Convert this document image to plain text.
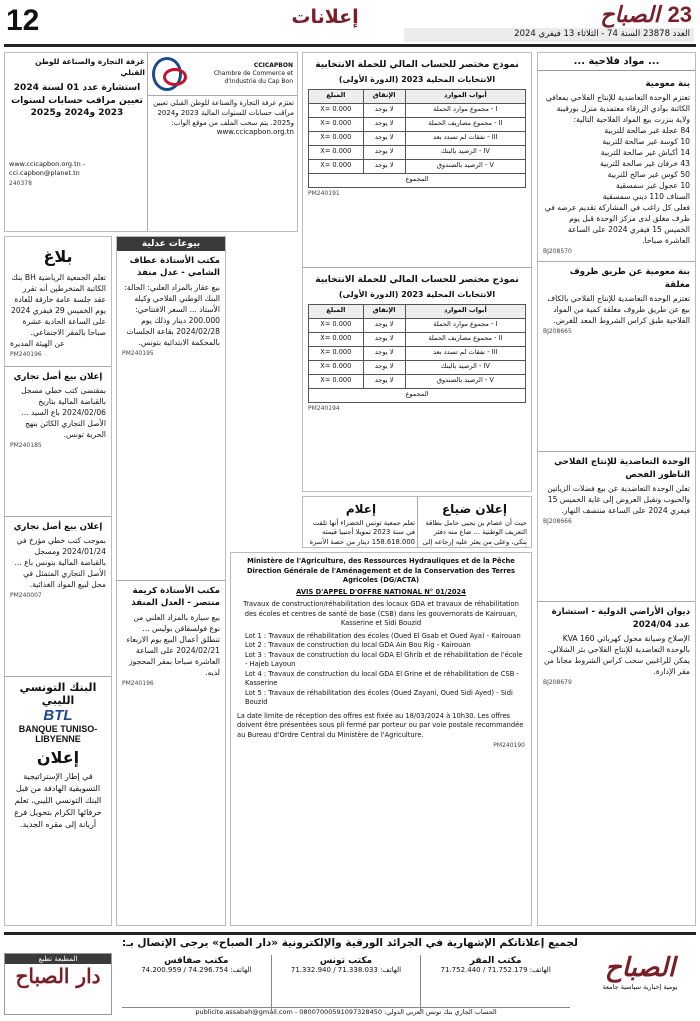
12	إعلانات	23 الصباح
العدد 23878 السنة 74 - الثلاثاء 13 فيفري 2024
... مواد فلاحية ...
بنة معومية
تعتزم الوحدة التعاضدية للإنتاج الفلاحي بمعافي الكائنة بوادي الزرقاء معتمدية منزل بورقيبة ولاية بنزرت بيع المواد الفلاحية التالية:
84 عجلة غير صالحة للتربية
10 كوسة غير صالحة للتربية
14 أكباش غير صالحة للتربية
43 خرفان غير صالحة للتربية
50 كوس غير صالح للتربية
10 عجول غير سمسقية
الستاف 110 ديني سمسقية
فعلى كل راغب في المشاركة تقديم عرضه في ظرف مغلق لدى مركز الوحدة قبل يوم الخميس 15 فيفري 2024 على الساعة العاشرة صباحا.
BJ208570
بنة معومية عن طريق ظروف مغلقة
تعتزم الوحدة التعاضدية للإنتاج الفلاحي بالكاف بيع عن طريق ظروف مغلقة كمية من المواد الفلاحية طبق كراس الشروط المعد للغرض.
BJ208665
الوحدة التعاضدية للإنتاج الفلاحي الناظور الفحص
تعلن الوحدة التعاضدية عن بيع فضلات الزياتين والحبوب وتقبل العروض إلى غاية الخميس 15 فيفري 2024 على الساعة منتصف النهار.
BJ208666
ديوان الأراضي الدولية - استشارة عدد 2024/04
الإصلاح وصيانة محول كهربائي KVA 160 بالوحدة التعاضدية للإنتاج الفلاحي بئر الشلالي. يمكن للراغبين سحب كراس الشروط مجانا من مقر الإدارة.
BJ208679
نموذج مختصر للحساب المالي للحملة الانتخابية
الانتخابات المحلية 2023 (الدورة الأولى)
أبواب الموارد	الإنفاق	المبلغ
I - مجموع موارد الحملة	لا يوجد	X= 0.000
II - مجموع مصاريف الحملة	لا يوجد	X= 0.000
III - نفقات لم تسدد بعد	لا يوجد	X= 0.000
IV - الرصيد بالبنك	لا يوجد	X= 0.000
V - الرصيد بالصندوق	لا يوجد	X= 0.000
المجموع		
PM240191
نموذج مختصر للحساب المالي للحملة الانتخابية
الانتخابات المحلية 2023 (الدورة الأولى)
أبواب الموارد	الإنفاق	المبلغ
I - مجموع موارد الحملة	لا يوجد	X= 0.000
II - مجموع مصاريف الحملة	لا يوجد	X= 0.000
III - نفقات لم تسدد بعد	لا يوجد	X= 0.000
IV - الرصيد بالبنك	لا يوجد	X= 0.000
V - الرصيد بالصندوق	لا يوجد	X= 0.000
المجموع		
PM240194
إعلان ضياع
حيث أن عصام بن يحيى حامل بطاقة التعريف الوطنية ... ضاع منه دفتر بنكي، وعلى من يعثر عليه إرجاعه إلى
إعلام
تعلم جمعية تونس الخضراء أنها تلقت في سنة 2023 تمويلا أجنبيا قيمته 158.618.000 دينار من حصة الأسرة
Ministère de l'Agriculture, des Ressources Hydrauliques et de la Pêche
Direction Générale de l'Aménagement et de la Conservation des Terres Agricoles (DG/ACTA)
AVIS D'APPEL D'OFFRE NATIONAL N° 01/2024
Travaux de construction/réhabilitation des locaux GDA et travaux de réhabilitation des écoles et centres de santé de base (CSB) dans les gouvernorats de Kairouan, Kasserine et Sidi Bouzid
Lot 1 : Travaux de réhabilitation des écoles (Oued El Gsab et Oued Aya) - Kairouan
Lot 2 : Travaux de construction du local GDA Ain Bou Rig - Kairouan
Lot 3 : Travaux de construction du local GDA El Ghrib et de réhabilitation de l'école - Hajeb Layoun
Lot 4 : Travaux de construction du local GDA El Grine et de réhabilitation de CSB - Kasserine
Lot 5 : Travaux de réhabilitation des écoles (Oued Zayani, Oued Sidi Ayed) - Sidi Bouzid
La date limite de réception des offres est fixée au 18/03/2024 à 10h30. Les offres doivent être présentées sous pli fermé par porteur ou par voie postale recommandée au Bureau d'Ordre Central du Ministère de l'Agriculture.
PM240190
بيوعات عدلية
مكتب الأستاذة عطاف الشامي - عدل منفذ
بيع عقار بالمزاد العلني: الحالة: البنك الوطني الفلاحي وكيله الأستاذ ... السعر الافتتاحي: 200.000 دينار وذلك يوم 2024/02/28 بقاعة الجلسات بالمحكمة الابتدائية بتونس.
PM240195
مكتب الأستاذة كريمة منتصر - العدل المنفذ
بيع سيارة بالمزاد العلني من نوع فولسفاقن بوليس ... تنطلق أعمال البيع يوم الاربعاء 2024/02/21 على الساعة العاشرة صباحا بمقر المحجوز لديه.
PM240196
CCICAPBON
Chambre de Commerce et d'Industrie du Cap Bon
تعتزم غرفة التجارة والصناعة للوطن القبلي تعيين مراقب حسابات للسنوات المالية 2023 و2024 و2025. يتم سحب الملف من موقع الواب: www.ccicapbon.org.tn
غرفة التجارة والصناعة للوطن القبلي
استشارة عدد 01 لسنة 2024 تعيين مراقب حسابات لسنوات 2023 و2024 و2025
www.ccicapbon.org.tn - cci.capbon@planet.tn
240378
بلاغ
تعلم الجمعية الرياضية BH بنك الكاتبة المنخرطين أنه تقرر عقد جلسة عامة خارقة للعادة يوم الخميس 29 فيفري 2024 على الساعة الحادية عشرة صباحا بالمقر الاجتماعي.
عن الهيئة المديرة
PM240196
إعلان بيع أصل تجاري
بمقتضى كتب خطي مسجل بالقباضة المالية بتاريخ 2024/02/06 باع السيد ... الأصل التجاري الكائن بنهج الحرية تونس.
PM240185
إعلان بيع أصل تجاري
بموجب كتب خطي مؤرخ في 2024/01/24 ومسجل بالقباضة المالية بتونس باع ... الأصل التجاري المتمثل في محل لبيع المواد الغذائية.
PM240007
البنك التونسي الليبي
BTL
BANQUE TUNISO-LIBYENNE
إعلان
في إطار الإستراتيجية التسويقية الهادفة من قبل البنك التونسي الليبي، تعلم حرفائها الكرام بتحويل فرع أريانة إلى مقره الجديد.
لجميع إعلاناتكم الإشهارية في الجرائد الورقية والإلكترونية «دار الصباح» يرجى الإتصال بـ:
الصباح
يومية إخبارية سياسية جامعة
مكتب المقر
الهاتف: 71.752.179 / 71.752.440
مكتب تونس
الهاتف: 71.338.033 / 71.332.940
مكتب صفاقس
الهاتف: 74.296.754 / 74.200.959
الحساب الجاري بنك تونس العربي الدولي: 08007000591097328450 - publicite.assabah@gmail.com
المطبعة تطبع
دار الصباح
